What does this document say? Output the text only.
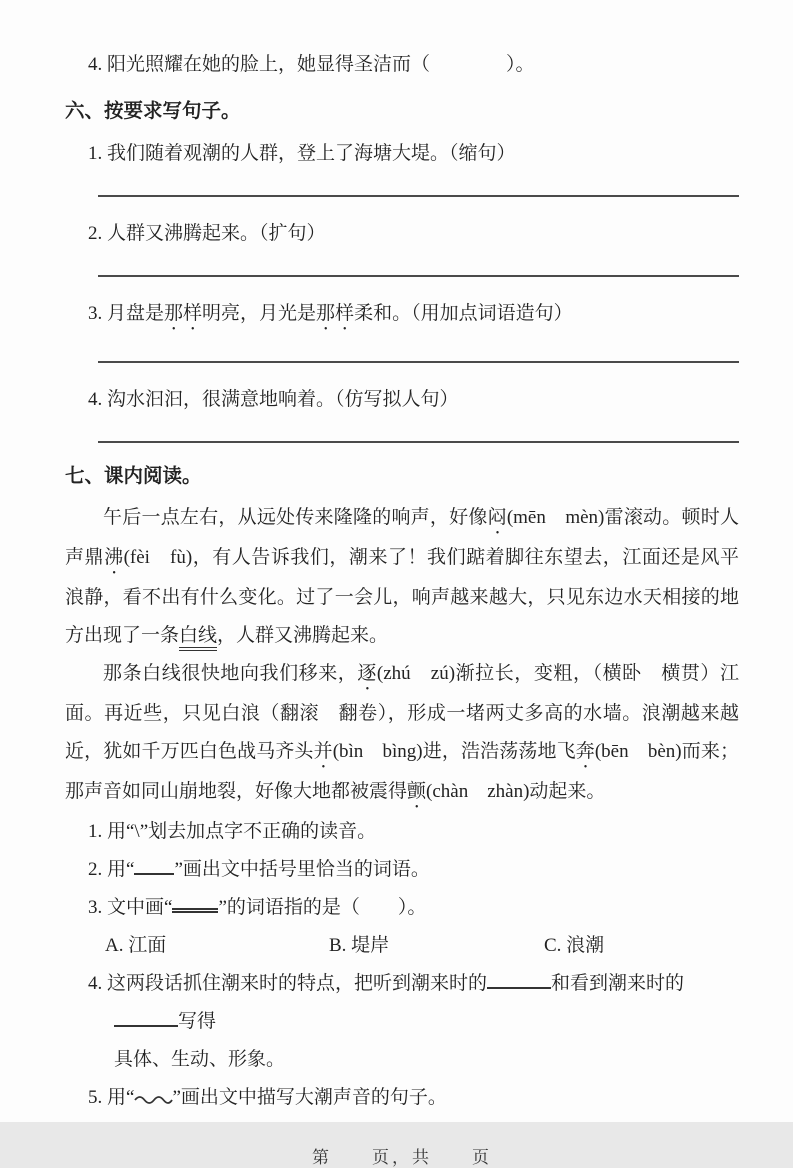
4. 阳光照耀在她的脸上，她显得圣洁而（　　　　）。

六、按要求写句子。

1. 我们随着观潮的人群，登上了海塘大堤。（缩句）

2. 人群又沸腾起来。（扩句）

3. 月盘是那样明亮，月光是那样柔和。（用加点词语造句）

4. 沟水汩汩，很满意地响着。（仿写拟人句）

七、课内阅读。

午后一点左右，从远处传来隆隆的响声，好像闷(mēn　mèn)雷滚动。顿时人声鼎沸(fèi　fù)，有人告诉我们，潮来了！我们踮着脚往东望去，江面还是风平浪静，看不出有什么变化。过了一会儿，响声越来越大，只见东边水天相接的地方出现了一条白线，人群又沸腾起来。

那条白线很快地向我们移来，逐(zhú　zú)渐拉长，变粗，（横卧　横贯）江面。再近些，只见白浪（翻滚　翻卷），形成一堵两丈多高的水墙。浪潮越来越近，犹如千万匹白色战马齐头并(bìn　bìng)进，浩浩荡荡地飞奔(bēn　bèn)而来；那声音如同山崩地裂，好像大地都被震得颤(chàn　zhàn)动起来。

1. 用“\”划去加点字不正确的读音。

2. 用“ ”画出文中括号里恰当的词语。

3. 文中画“ ”的词语指的是（　　）。

A. 江面	B. 堤岸	C. 浪潮

4. 这两段话抓住潮来时的特点，把听到潮来时的	和看到潮来时的写得
具体、生动、形象。

5. 用“ ”画出文中描写大潮声音的句子。

第　　页，共　　页
